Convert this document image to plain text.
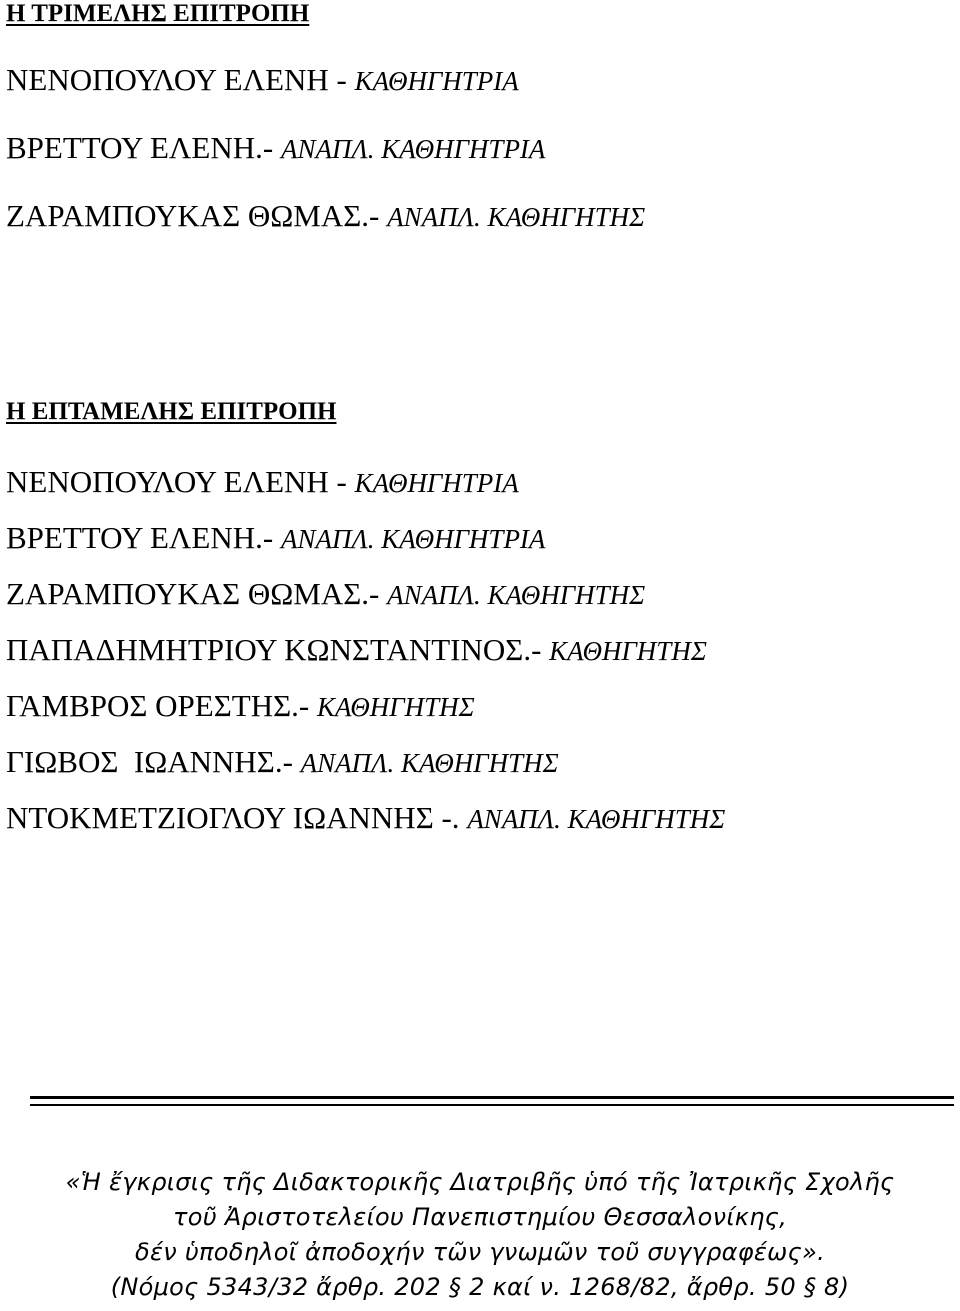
Η ΤΡΙΜΕΛΗΣ ΕΠΙΤΡΟΠΗ
ΝΕΝΟΠΟΥΛΟΥ ΕΛΕΝΗ - ΚΑΘΗΓΗΤΡΙΑ
ΒΡΕΤΤΟΥ ΕΛΕΝΗ.- ΑΝΑΠΛ. ΚΑΘΗΓΗΤΡΙΑ
ΖΑΡΑΜΠΟΥΚΑΣ ΘΩΜΑΣ.- ΑΝΑΠΛ. ΚΑΘΗΓΗΤΗΣ
Η ΕΠΤΑΜΕΛΗΣ ΕΠΙΤΡΟΠΗ
ΝΕΝΟΠΟΥΛΟΥ ΕΛΕΝΗ - ΚΑΘΗΓΗΤΡΙΑ
ΒΡΕΤΤΟΥ ΕΛΕΝΗ.- ΑΝΑΠΛ. ΚΑΘΗΓΗΤΡΙΑ
ΖΑΡΑΜΠΟΥΚΑΣ ΘΩΜΑΣ.- ΑΝΑΠΛ. ΚΑΘΗΓΗΤΗΣ
ΠΑΠΑΔΗΜΗΤΡΙΟΥ ΚΩΝΣΤΑΝΤΙΝΟΣ.- ΚΑΘΗΓΗΤΗΣ
ΓΑΜΒΡΟΣ ΟΡΕΣΤΗΣ.- ΚΑΘΗΓΗΤΗΣ
ΓΙΩΒΟΣ  ΙΩΑΝΝΗΣ.- ΑΝΑΠΛ. ΚΑΘΗΓΗΤΗΣ
ΝΤΟΚΜΕΤΖΙΟΓΛΟΥ ΙΩΑΝΝΗΣ -. ΑΝΑΠΛ. ΚΑΘΗΓΗΤΗΣ
«Ἡ ἔγκρισις τῆς Διδακτορικῆς Διατριβῆς ὑπό τῆς Ἰατρικῆς Σχολῆς
τοῦ Ἀριστοτελείου Πανεπιστημίου Θεσσαλονίκης,
δέν ὑποδηλοῖ ἀποδοχήν τῶν γνωμῶν τοῦ συγγραφέως».
(Νόμος 5343/32 ἄρθρ. 202 § 2 καί ν. 1268/82, ἄρθρ. 50 § 8)
